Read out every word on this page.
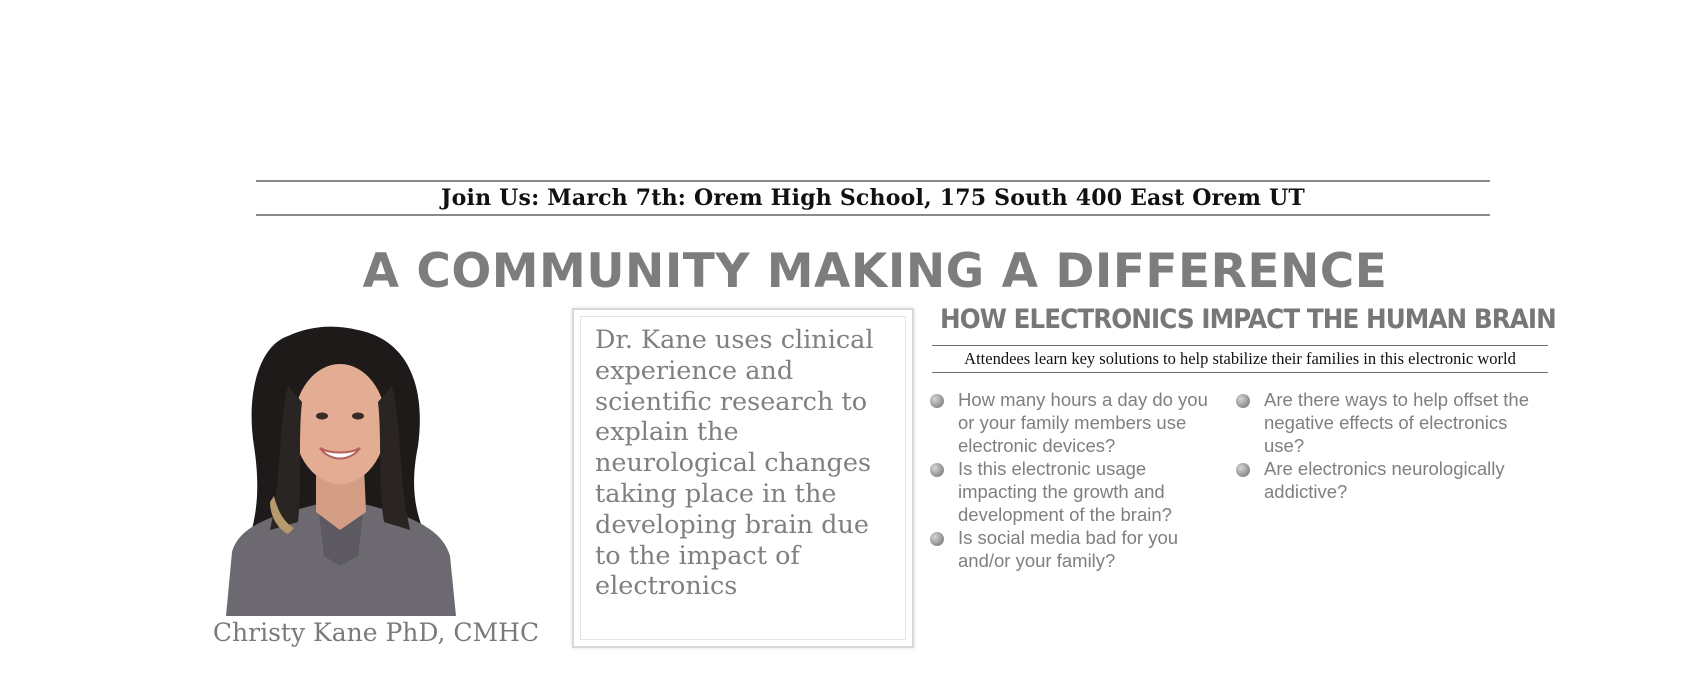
Join Us: March 7th: Orem High School, 175 South 400 East Orem UT
A COMMUNITY MAKING A DIFFERENCE
Christy Kane PhD, CMHC

Dr. Kane uses clinical experience and scientific research to explain the neurological changes taking place in the developing brain due to the impact of electronics

HOW ELECTRONICS IMPACT THE HUMAN BRAIN
Attendees learn key solutions to help stabilize their families in this electronic world
How many hours a day do you or your family members use electronic devices?
Is this electronic usage impacting the growth and development of the brain?
Is social media bad for you and/or your family?
Are there ways to help offset the negative effects of electronics use?
Are electronics neurologically addictive?
